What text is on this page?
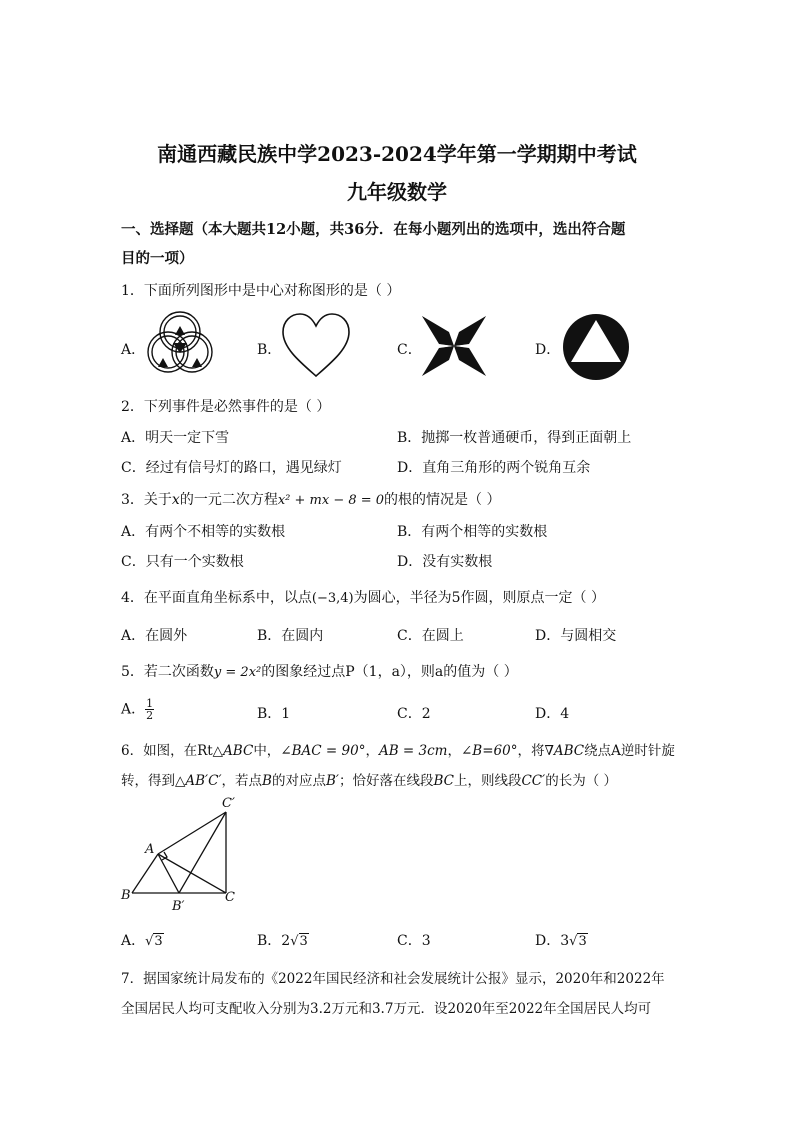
南通西藏民族中学2023-2024学年第一学期期中考试
九年级数学
一、选择题（本大题共12小题，共36分．在每小题列出的选项中，选出符合题
目的一项）
1．下面所列图形中是中心对称图形的是（ ）
A．	B．	C．	D．
2．下列事件是必然事件的是（ ）
A．明天一定下雪	B．抛掷一枚普通硬币，得到正面朝上
C．经过有信号灯的路口，遇见绿灯	D．直角三角形的两个锐角互余
3．关于x的一元二次方程x² + mx − 8 = 0的根的情况是（ ）
A．有两个不相等的实数根	B．有两个相等的实数根
C．只有一个实数根	D．没有实数根
4．在平面直角坐标系中，以点(−3,4)为圆心，半径为5作圆，则原点一定（ ）
A．在圆外	B．在圆内	C．在圆上	D．与圆相交
5．若二次函数y = 2x²的图象经过点P（1，a），则a的值为（ ）
A． $\frac{1}{2}$	B．1	C．2	D．4
6．如图，在Rt△ABC中，∠BAC = 90°，AB = 3cm，∠B=60°，将∇ABC绕点A逆时针旋
转，得到△AB′C′，若点B的对应点B′；恰好落在线段BC上，则线段CC′的长为（ ）
C′
A
B
B′
C
A．√3	B．2√3	C．3	D．3√3
7．据国家统计局发布的《2022年国民经济和社会发展统计公报》显示，2020年和2022年
全国居民人均可支配收入分别为3.2万元和3.7万元．设2020年至2022年全国居民人均可
